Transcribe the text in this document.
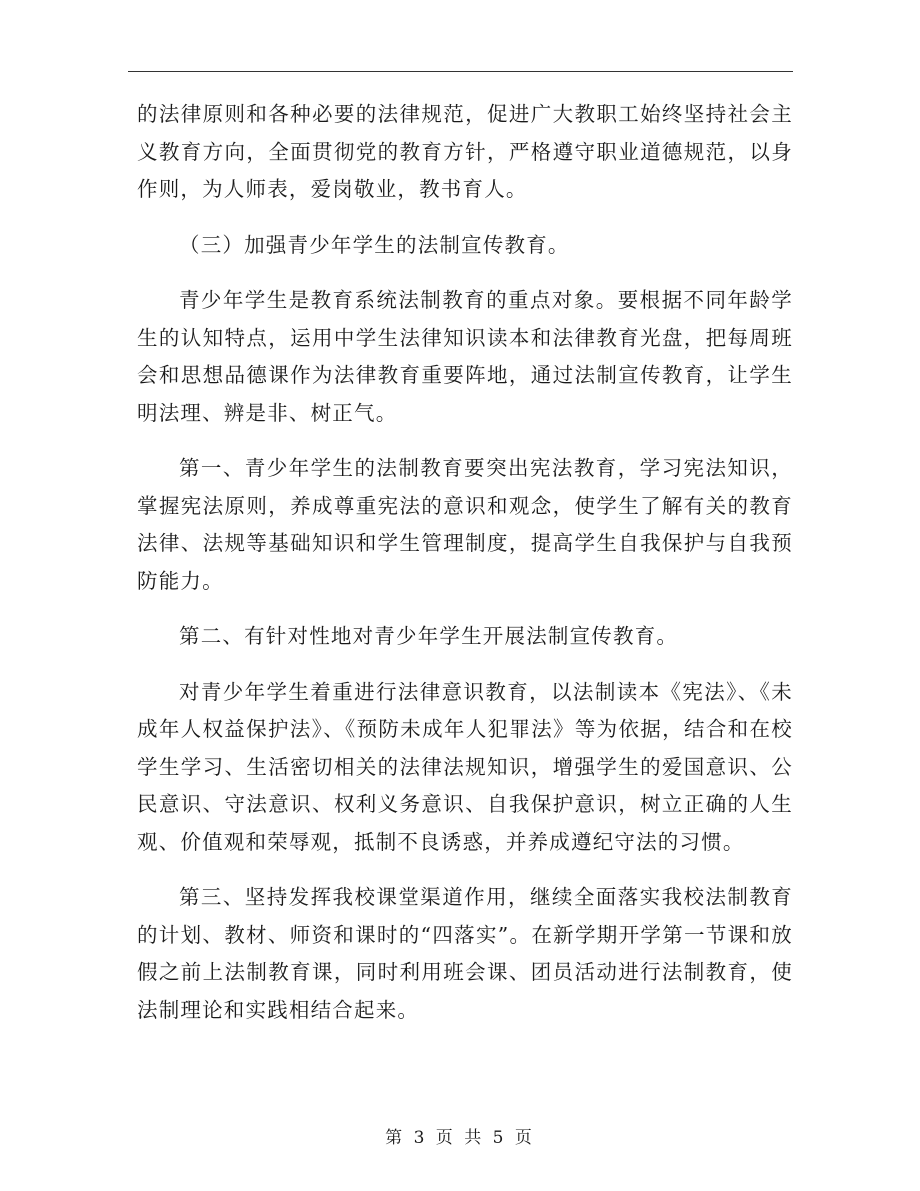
的法律原则和各种必要的法律规范，促进广大教职工始终坚持社会主义教育方向，全面贯彻党的教育方针，严格遵守职业道德规范，以身作则，为人师表，爱岗敬业，教书育人。

（三）加强青少年学生的法制宣传教育。

青少年学生是教育系统法制教育的重点对象。要根据不同年龄学生的认知特点，运用中学生法律知识读本和法律教育光盘，把每周班会和思想品德课作为法律教育重要阵地，通过法制宣传教育，让学生明法理、辨是非、树正气。

第一、青少年学生的法制教育要突出宪法教育，学习宪法知识，掌握宪法原则，养成尊重宪法的意识和观念，使学生了解有关的教育法律、法规等基础知识和学生管理制度，提高学生自我保护与自我预防能力。

第二、有针对性地对青少年学生开展法制宣传教育。

对青少年学生着重进行法律意识教育，以法制读本《宪法》、《未成年人权益保护法》、《预防未成年人犯罪法》等为依据，结合和在校学生学习、生活密切相关的法律法规知识，增强学生的爱国意识、公民意识、守法意识、权利义务意识、自我保护意识，树立正确的人生观、价值观和荣辱观，抵制不良诱惑，并养成遵纪守法的习惯。

第三、坚持发挥我校课堂渠道作用，继续全面落实我校法制教育的计划、教材、师资和课时的“四落实”。在新学期开学第一节课和放假之前上法制教育课，同时利用班会课、团员活动进行法制教育，使法制理论和实践相结合起来。

第 3 页 共 5 页
